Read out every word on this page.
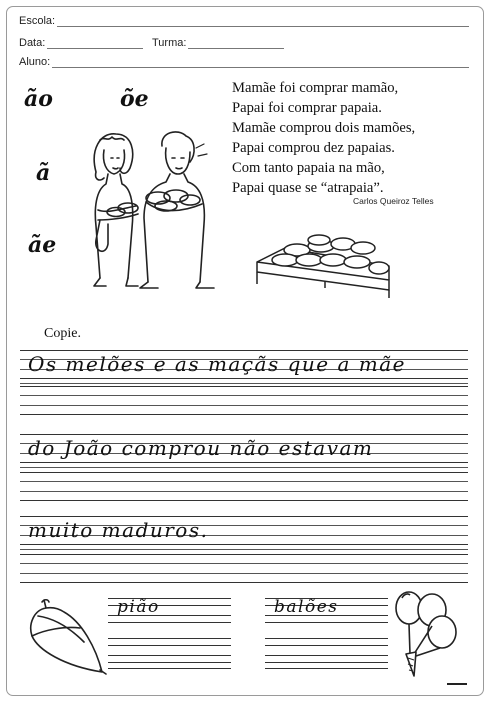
Escola:
Data:	Turma:
Aluno:
ão	õe
ã
ãe
Mamãe foi comprar mamão,
Papai foi comprar papaia.
Mamãe comprou dois mamões,
Papai comprou dez papaias.
Com tanto papaia na mão,
Papai quase se “atrapaia”.
Carlos Queiroz Telles
Copie.
Os melões e as maçãs que a mãe
do João comprou não estavam
muito maduros.
pião	balões
